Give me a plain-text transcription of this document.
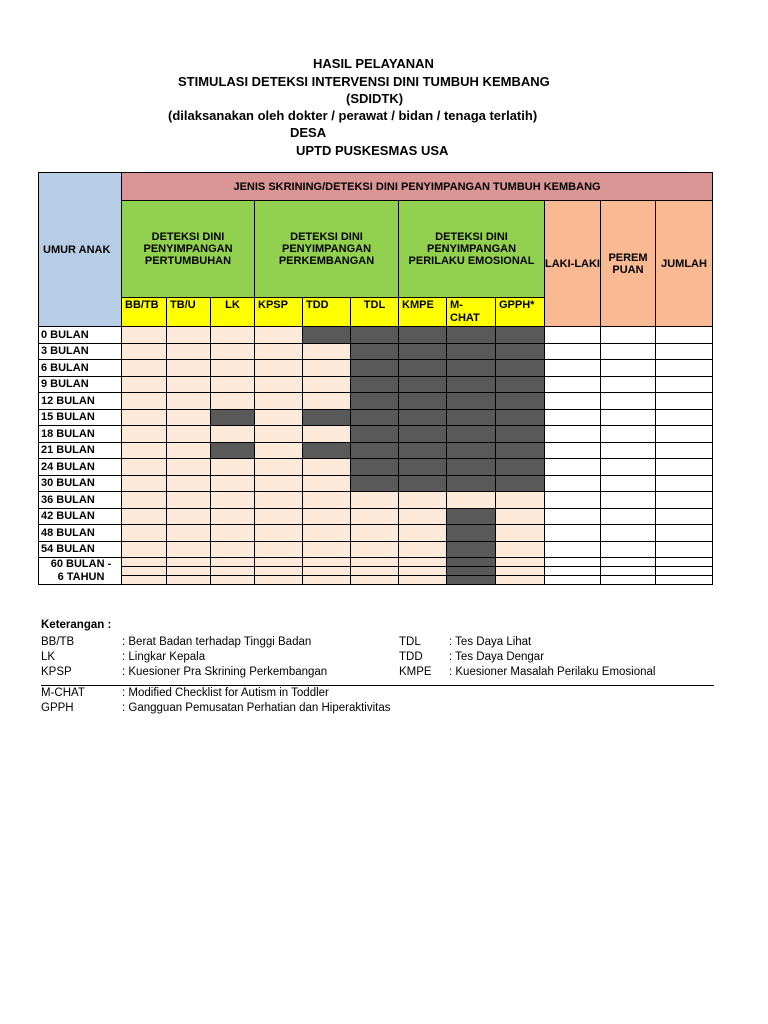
HASIL PELAYANAN
STIMULASI DETEKSI INTERVENSI DINI TUMBUH KEMBANG
(SDIDTK)
(dilaksanakan oleh dokter / perawat / bidan / tenaga terlatih)
DESA
UPTD PUSKESMAS USA
UMUR ANAK	JENIS SKRINING/DETEKSI DINI PENYIMPANGAN TUMBUH KEMBANG											
	DETEKSI DINI PENYIMPANGAN PERTUMBUHAN			DETEKSI DINI PENYIMPANGAN PERKEMBANGAN			DETEKSI DINI PENYIMPANGAN PERILAKU EMOSIONAL			LAKI-LAKI	PEREM PUAN	JUMLAH
	BB/TB	TB/U	LK	KPSP	TDD	TDL	KMPE	M-CHAT	GPPH*			
0 BULAN												
3 BULAN												
6 BULAN												
9 BULAN												
12 BULAN												
15 BULAN												
18 BULAN												
21 BULAN												
24 BULAN												
30 BULAN												
36 BULAN												
42 BULAN												
48 BULAN												
54 BULAN												

60 BULAN -
6 TAHUN												

Keterangan :
BB/TB	: Berat Badan terhadap Tinggi Badan
LK	: Lingkar Kepala
KPSP	: Kuesioner Pra Skrining Perkembangan
TDL : Tes Daya Lihat
TDD : Tes Daya Dengar
KMPE : Kuesioner Masalah Perilaku Emosional
M-CHAT	: Modified Checklist for Autism in Toddler
GPPH	: Gangguan Pemusatan Perhatian dan Hiperaktivitas
